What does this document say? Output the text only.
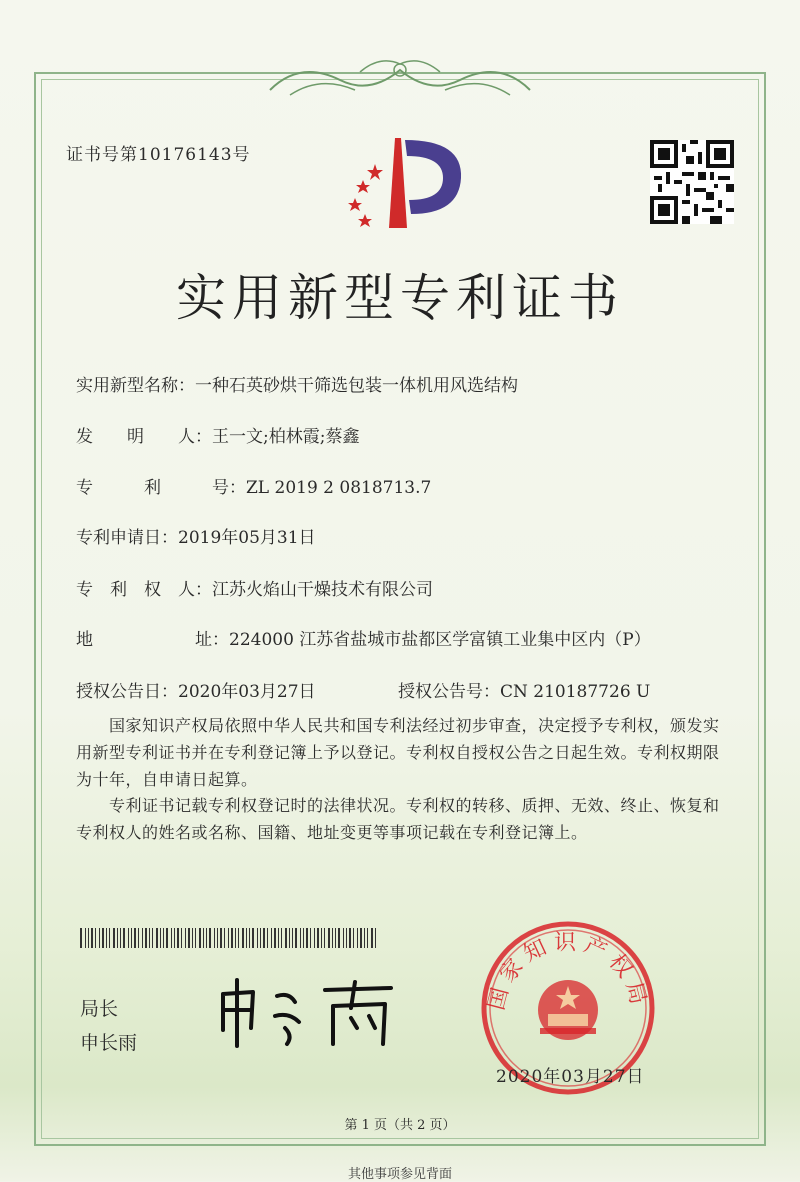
证书号第10176143号
实用新型专利证书
实用新型名称：一种石英砂烘干筛选包装一体机用风选结构
发　　明　　人：王一文;柏林霞;蔡鑫
专　　　利　　　号：ZL 2019 2 0818713.7
专利申请日：2019年05月31日
专　利　权　人：江苏火焰山干燥技术有限公司
地　　　　　　址：224000 江苏省盐城市盐都区学富镇工业集中区内（P）
授权公告日：2020年03月27日	授权公告号：CN 210187726 U
国家知识产权局依照中华人民共和国专利法经过初步审查，决定授予专利权，颁发实用新型专利证书并在专利登记簿上予以登记。专利权自授权公告之日起生效。专利权期限为十年，自申请日起算。
专利证书记载专利权登记时的法律状况。专利权的转移、质押、无效、终止、恢复和专利权人的姓名或名称、国籍、地址变更等事项记载在专利登记簿上。
局长
申长雨
国家知识产权局
2020年03月27日
第 1 页（共 2 页）
其他事项参见背面
